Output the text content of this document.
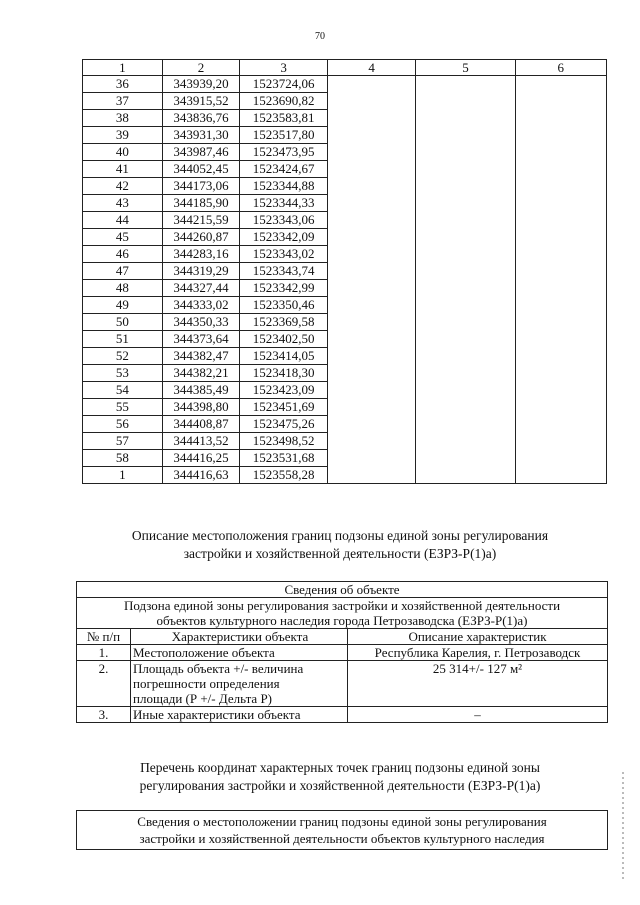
70
1	2	3	4	5	6
36	343939,20	1523724,06			
37	343915,52	1523690,82			
38	343836,76	1523583,81			
39	343931,30	1523517,80			
40	343987,46	1523473,95			
41	344052,45	1523424,67			
42	344173,06	1523344,88			
43	344185,90	1523344,33			
44	344215,59	1523343,06			
45	344260,87	1523342,09			
46	344283,16	1523343,02			
47	344319,29	1523343,74			
48	344327,44	1523342,99			
49	344333,02	1523350,46			
50	344350,33	1523369,58			
51	344373,64	1523402,50			
52	344382,47	1523414,05			
53	344382,21	1523418,30			
54	344385,49	1523423,09			
55	344398,80	1523451,69			
56	344408,87	1523475,26			
57	344413,52	1523498,52			
58	344416,25	1523531,68			
1	344416,63	1523558,28			
Описание местоположения границ подзоны единой зоны регулирования
застройки и хозяйственной деятельности (ЕЗРЗ-Р(1)а)
Сведения об объекте		

Подзона единой зоны регулирования застройки и хозяйственной деятельности
объектов культурного наследия города Петрозаводска (ЕЗРЗ-Р(1)а)		

№ п/п	Характеристики объекта	Описание характеристик
1.	Местоположение объекта	Республика Карелия, г. Петрозаводск
2.	Площадь объекта +/- величина
погрешности определения
площади (Р +/- Дельта Р)	25 314+/- 127 м²
3.	Иные характеристики объекта	–
Перечень координат характерных точек границ подзоны единой зоны
регулирования застройки и хозяйственной деятельности (ЕЗРЗ-Р(1)а)
Сведения о местоположении границ подзоны единой зоны регулирования
застройки и хозяйственной деятельности объектов культурного наследия
